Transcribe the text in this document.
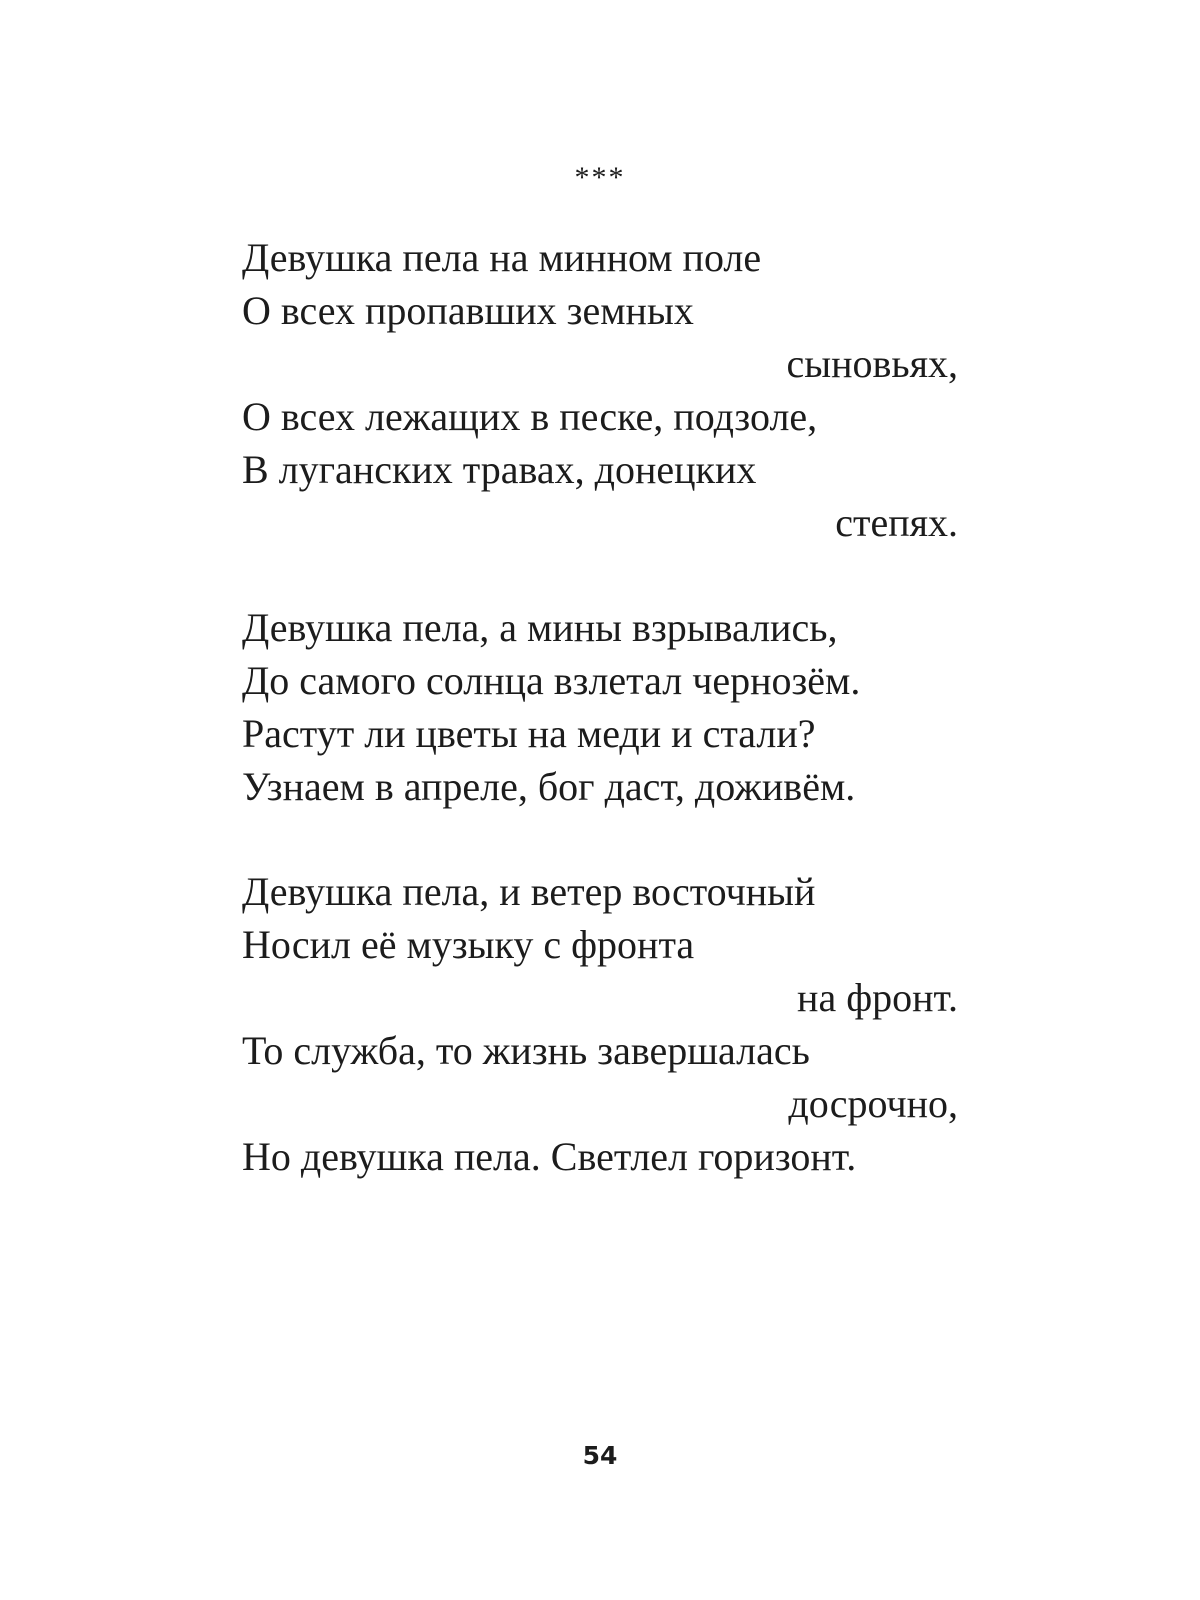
***
Девушка пела на минном поле
О всех пропавших земных
сыновьях,
О всех лежащих в песке, подзоле,
В луганских травах, донецких
степях.
Девушка пела, а мины взрывались,
До самого солнца взлетал чернозём.
Растут ли цветы на меди и стали?
Узнаем в апреле, бог даст, доживём.
Девушка пела, и ветер восточный
Носил её музыку с фронта
на фронт.
То служба, то жизнь завершалась
досрочно,
Но девушка пела. Светлел горизонт.
54
